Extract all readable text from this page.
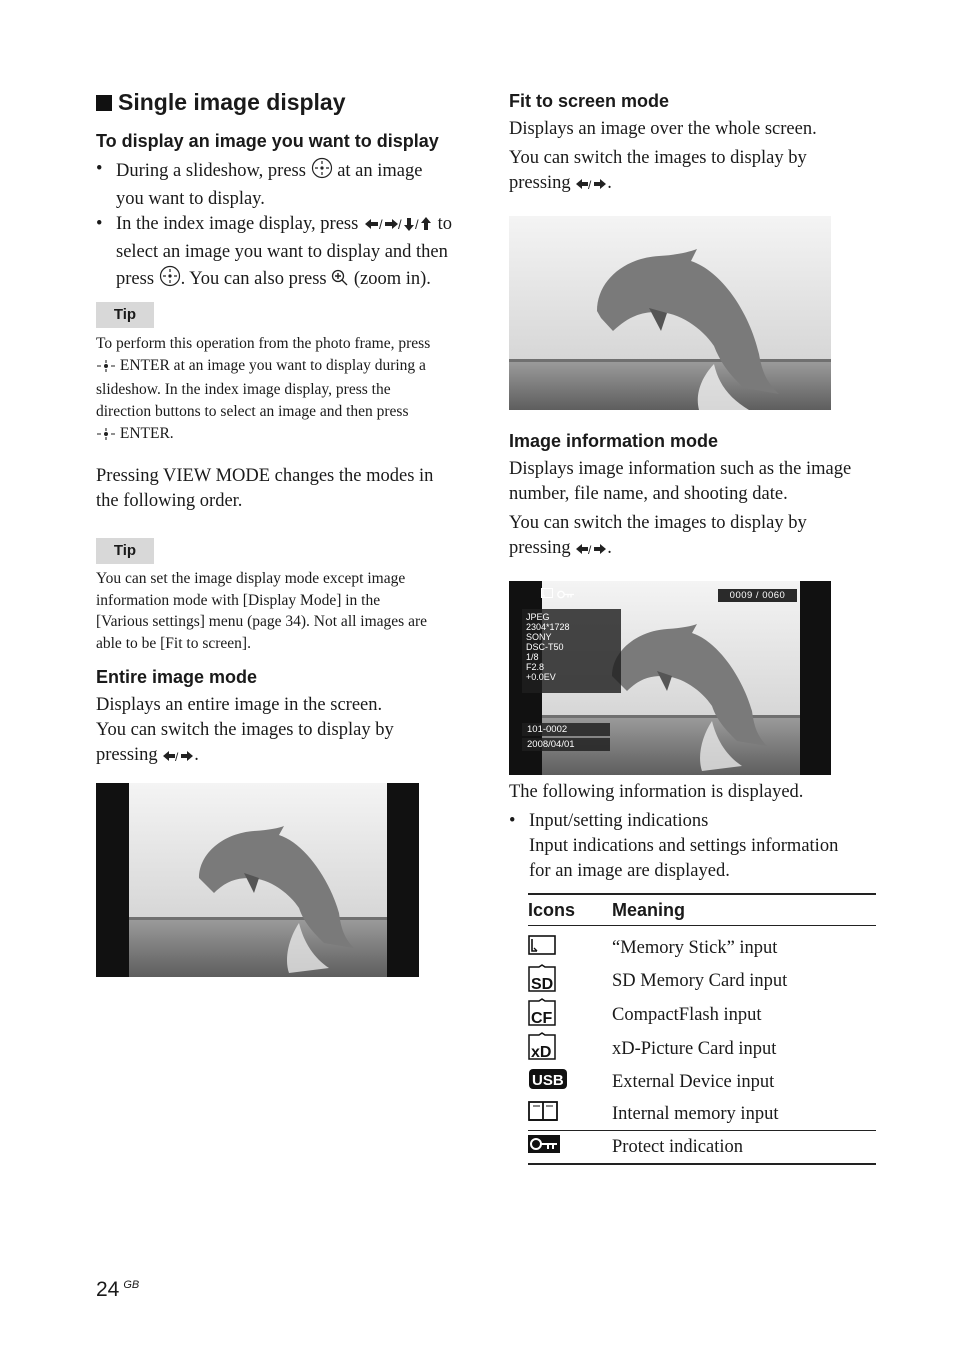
Single image display
To display an image you want to display
• During a slideshow, press at an image
you want to display.
• In the index image display, press / / / to
select an image you want to display and then
press . You can also press (zoom in).
Tip
To perform this operation from the photo frame, press
ENTER at an image you want to display during a
slideshow. In the index image display, press the
direction buttons to select an image and then press
ENTER.
Pressing VIEW MODE changes the modes in
the following order.
Tip
You can set the image display mode except image
information mode with [Display Mode] in the
[Various settings] menu (page 34). Not all images are
able to be [Fit to screen].
Entire image mode
Displays an entire image in the screen.
You can switch the images to display by
pressing / .
Fit to screen mode
Displays an image over the whole screen.

You can switch the images to display by
pressing / .
Image information mode
Displays image information such as the image
number, file name, and shooting date.

You can switch the images to display by
pressing / .
0009 / 0060
JPEG
2304*1728
SONY
DSC-T50
1/8
F2.8
+0.0EV
101-0002
2008/04/01
The following information is displayed.
• Input/setting indications
Input indications and settings information
for an image are displayed.
Icons	Meaning
	“Memory Stick” input

SD	SD Memory Card input

CF	CompactFlash input

xD	xD-Picture Card input

USB	External Device input
	Internal memory input
	Protect indication
24 $^{GB}$
